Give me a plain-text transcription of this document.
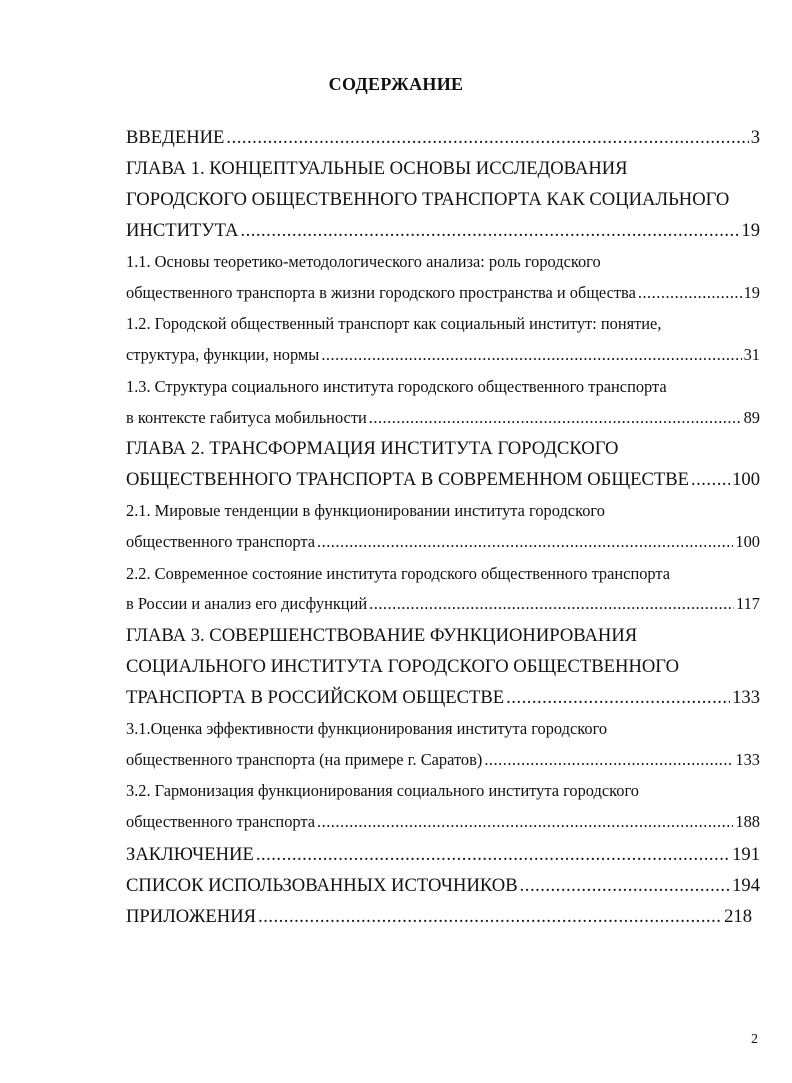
СОДЕРЖАНИЕ
ВВЕДЕНИЕ .....	3
ГЛАВА 1. КОНЦЕПТУАЛЬНЫЕ ОСНОВЫ ИССЛЕДОВАНИЯ
ГОРОДСКОГО ОБЩЕСТВЕННОГО ТРАНСПОРТА КАК СОЦИАЛЬНОГО
ИНСТИТУТА .....	19
1.1. Основы теоретико-методологического анализа: роль городского
общественного транспорта в жизни городского пространства и общества .....	19
1.2. Городской общественный транспорт как социальный институт: понятие,
структура, функции, нормы .....	31
1.3. Структура социального института городского общественного транспорта
в контексте габитуса мобильности .....	89
ГЛАВА 2. ТРАНСФОРМАЦИЯ ИНСТИТУТА ГОРОДСКОГО
ОБЩЕСТВЕННОГО ТРАНСПОРТА В СОВРЕМЕННОМ ОБЩЕСТВЕ ..... 100
2.1. Мировые тенденции в функционировании института городского
общественного транспорта .....	100
2.2. Современное состояние института городского общественного транспорта
в России и анализ его дисфункций .....	117
ГЛАВА 3. СОВЕРШЕНСТВОВАНИЕ ФУНКЦИОНИРОВАНИЯ
СОЦИАЛЬНОГО ИНСТИТУТА ГОРОДСКОГО ОБЩЕСТВЕННОГО
ТРАНСПОРТА В РОССИЙСКОМ ОБЩЕСТВЕ .....	133
3.1.Оценка эффективности функционирования института городского
общественного транспорта (на примере г. Саратов) .....	133
3.2. Гармонизация функционирования социального института городского
общественного транспорта .....	188
ЗАКЛЮЧЕНИЕ .....	191
СПИСОК ИСПОЛЬЗОВАННЫХ ИСТОЧНИКОВ .....	194
ПРИЛОЖЕНИЯ .....	218
2
